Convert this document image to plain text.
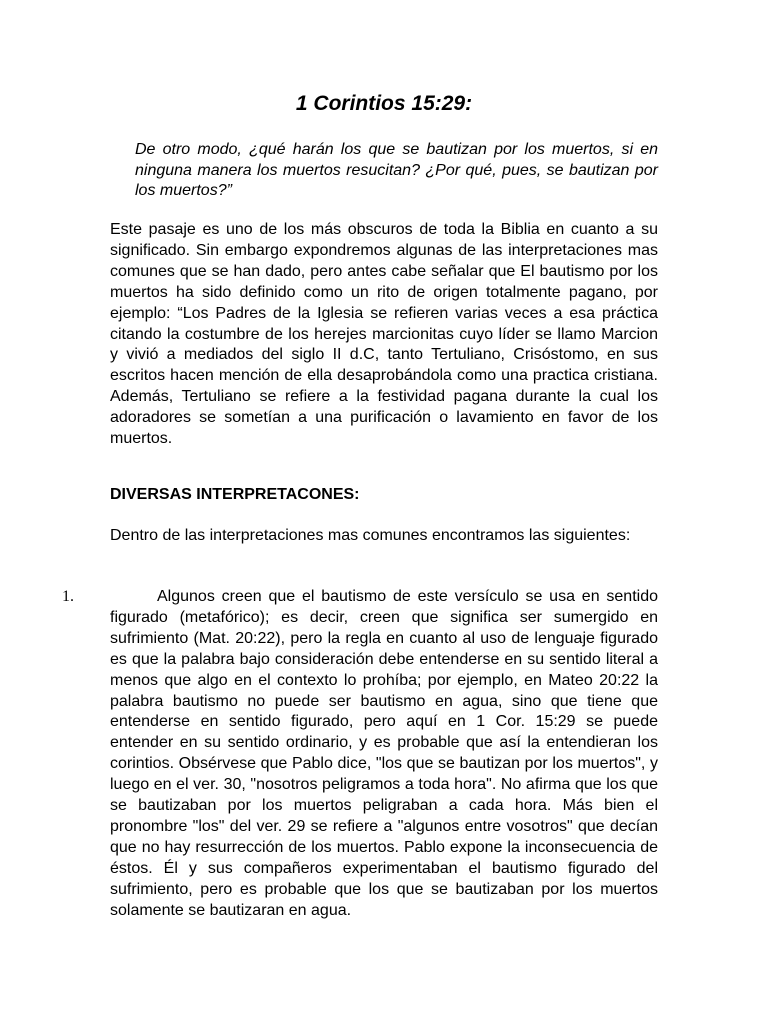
1 Corintios 15:29:

De otro modo, ¿qué harán los que se bautizan por los muertos, si en ninguna manera los muertos resucitan? ¿Por qué, pues, se bautizan por los muertos?”

Este pasaje es uno de los más obscuros de toda la Biblia en cuanto a su significado. Sin embargo expondremos algunas de las interpretaciones mas comunes que se han dado, pero antes cabe señalar que El bautismo por los muertos ha sido definido como un rito de origen totalmente pagano, por ejemplo: “Los Padres de la Iglesia se refieren varias veces a esa práctica citando la costumbre de los herejes marcionitas cuyo líder se llamo Marcion y vivió a mediados del siglo II d.C, tanto Tertuliano, Crisóstomo, en sus escritos hacen mención de ella desaprobándola como una practica cristiana. Además, Tertuliano se refiere a la festividad pagana durante la cual los adoradores se sometían a una purificación o lavamiento en favor de los muertos.

DIVERSAS INTERPRETACONES:

Dentro de las interpretaciones mas comunes encontramos las siguientes:

1.	Algunos creen que el bautismo de este versículo se usa en sentido figurado (metafórico); es decir, creen que significa ser sumergido en sufrimiento (Mat. 20:22), pero la regla en cuanto al uso de lenguaje figurado es que la palabra bajo consideración debe entenderse en su sentido literal a menos que algo en el contexto lo prohíba; por ejemplo, en Mateo 20:22 la palabra bautismo no puede ser bautismo en agua, sino que tiene que entenderse en sentido figurado, pero aquí en 1 Cor. 15:29 se puede entender en su sentido ordinario, y es probable que así la entendieran los corintios. Obsérvese que Pablo dice, "los que se bautizan por los muertos", y luego en el ver. 30, "nosotros peligramos a toda hora". No afirma que los que se bautizaban por los muertos peligraban a cada hora. Más bien el pronombre "los" del ver. 29 se refiere a "algunos entre vosotros" que decían que no hay resurrección de los muertos. Pablo expone la inconsecuencia de éstos. Él y sus compañeros experimentaban el bautismo figurado del sufrimiento, pero es probable que los que se bautizaban por los muertos solamente se bautizaran en agua.
